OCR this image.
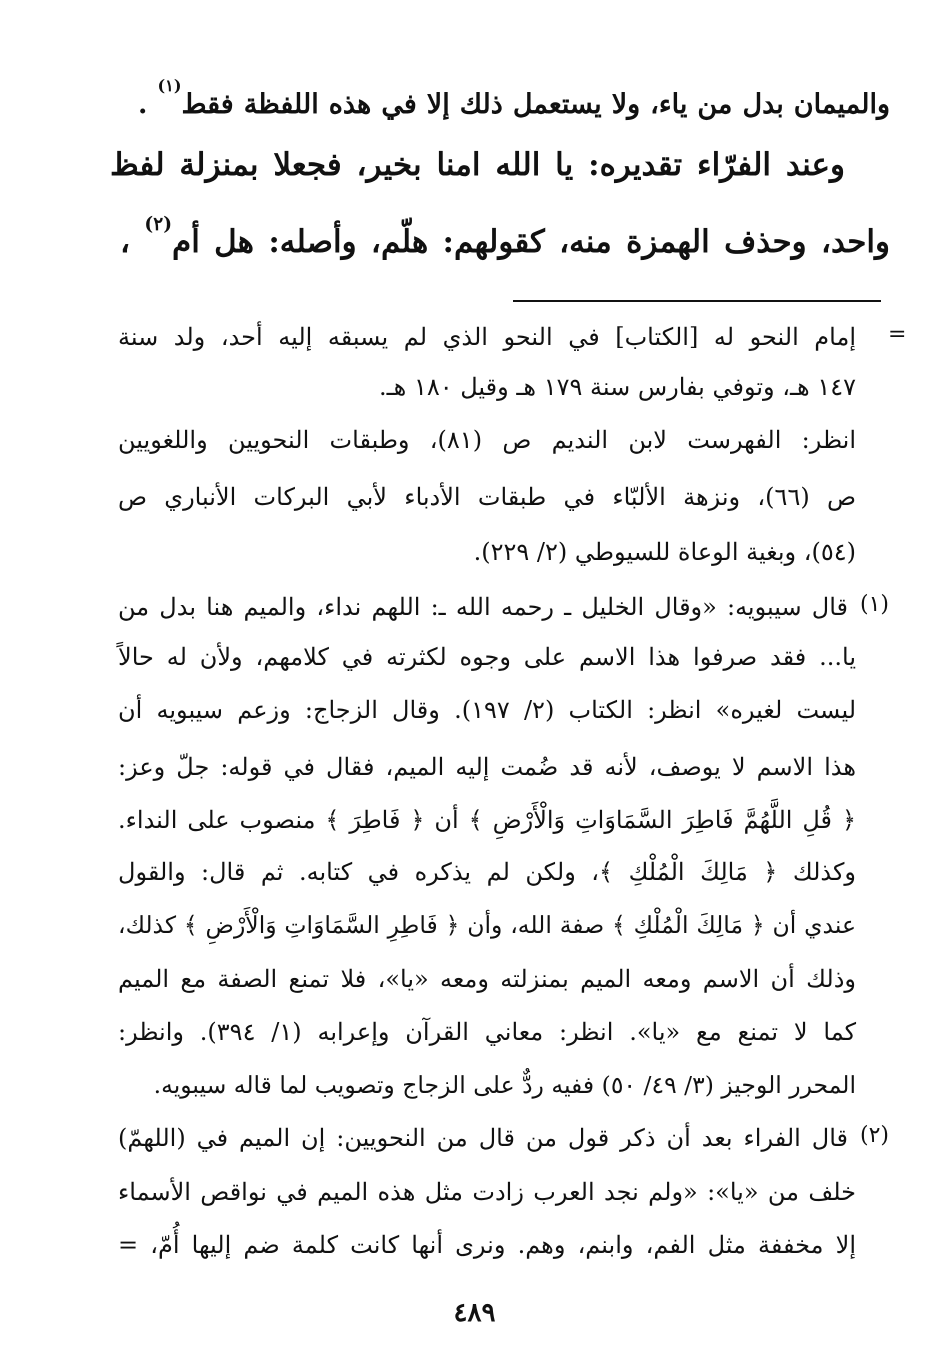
والميمان بدل من ياء، ولا يستعمل ذلك إلا في هذه اللفظة فقط$^{(١)}$ .
وعند الفرّاء تقديره: يا الله امنا بخير، فجعلا بمنزلة لفظ
واحد، وحذف الهمزة منه، كقولهم: هلّم، وأصله: هل أم$^{(٢)}$ ،
=
إمام النحو له [الكتاب] في النحو الذي لم يسبقه إليه أحد، ولد سنة
١٤٧ هـ، وتوفي بفارس سنة ١٧٩ هـ وقيل ١٨٠ هـ.
انظر: الفهرست لابن النديم ص (٨١)، وطبقات النحويين واللغويين
ص (٦٦)، ونزهة الألبّاء في طبقات الأدباء لأبي البركات الأنباري ص
(٥٤)، وبغية الوعاة للسيوطي (٢/ ٢٢٩).
(١)
قال سيبويه: «وقال الخليل ـ رحمه الله ـ: اللهم نداء، والميم هنا بدل من
يا... فقد صرفوا هذا الاسم على وجوه لكثرته في كلامهم، ولأن له حالاً
ليست لغيره» انظر: الكتاب (٢/ ١٩٧). وقال الزجاج: وزعم سيبويه أن
هذا الاسم لا يوصف، لأنه قد ضُمت إليه الميم، فقال في قوله: جلّ وعز:
﴿ قُلِ اللَّهُمَّ فَاطِرَ السَّمَاوَاتِ وَالْأَرْضِ ﴾ أن ﴿ فَاطِرَ ﴾ منصوب على النداء.
وكذلك ﴿ مَالِكَ الْمُلْكِ ﴾، ولكن لم يذكره في كتابه. ثم قال: والقول
عندي أن ﴿ مَالِكَ الْمُلْكِ ﴾ صفة الله، وأن ﴿ فَاطِرِ السَّمَاوَاتِ وَالْأَرْضِ ﴾ كذلك،
وذلك أن الاسم ومعه الميم بمنزلته ومعه «يا»، فلا تمنع الصفة مع الميم
كما لا تمنع مع «يا». انظر: معاني القرآن وإعرابه (١/ ٣٩٤). وانظر:
المحرر الوجيز (٣/ ٤٩/ ٥٠) ففيه ردٌّ على الزجاج وتصويب لما قاله سيبويه.
(٢)
قال الفراء بعد أن ذكر قول من قال من النحويين: إن الميم في (اللهمّ)
خلف من «يا»: «ولم نجد العرب زادت مثل هذه الميم في نواقص الأسماء
إلا مخففة مثل الفم، وابنم، وهم. ونرى أنها كانت كلمة ضم إليها أُمّ، =
٤٨٩
